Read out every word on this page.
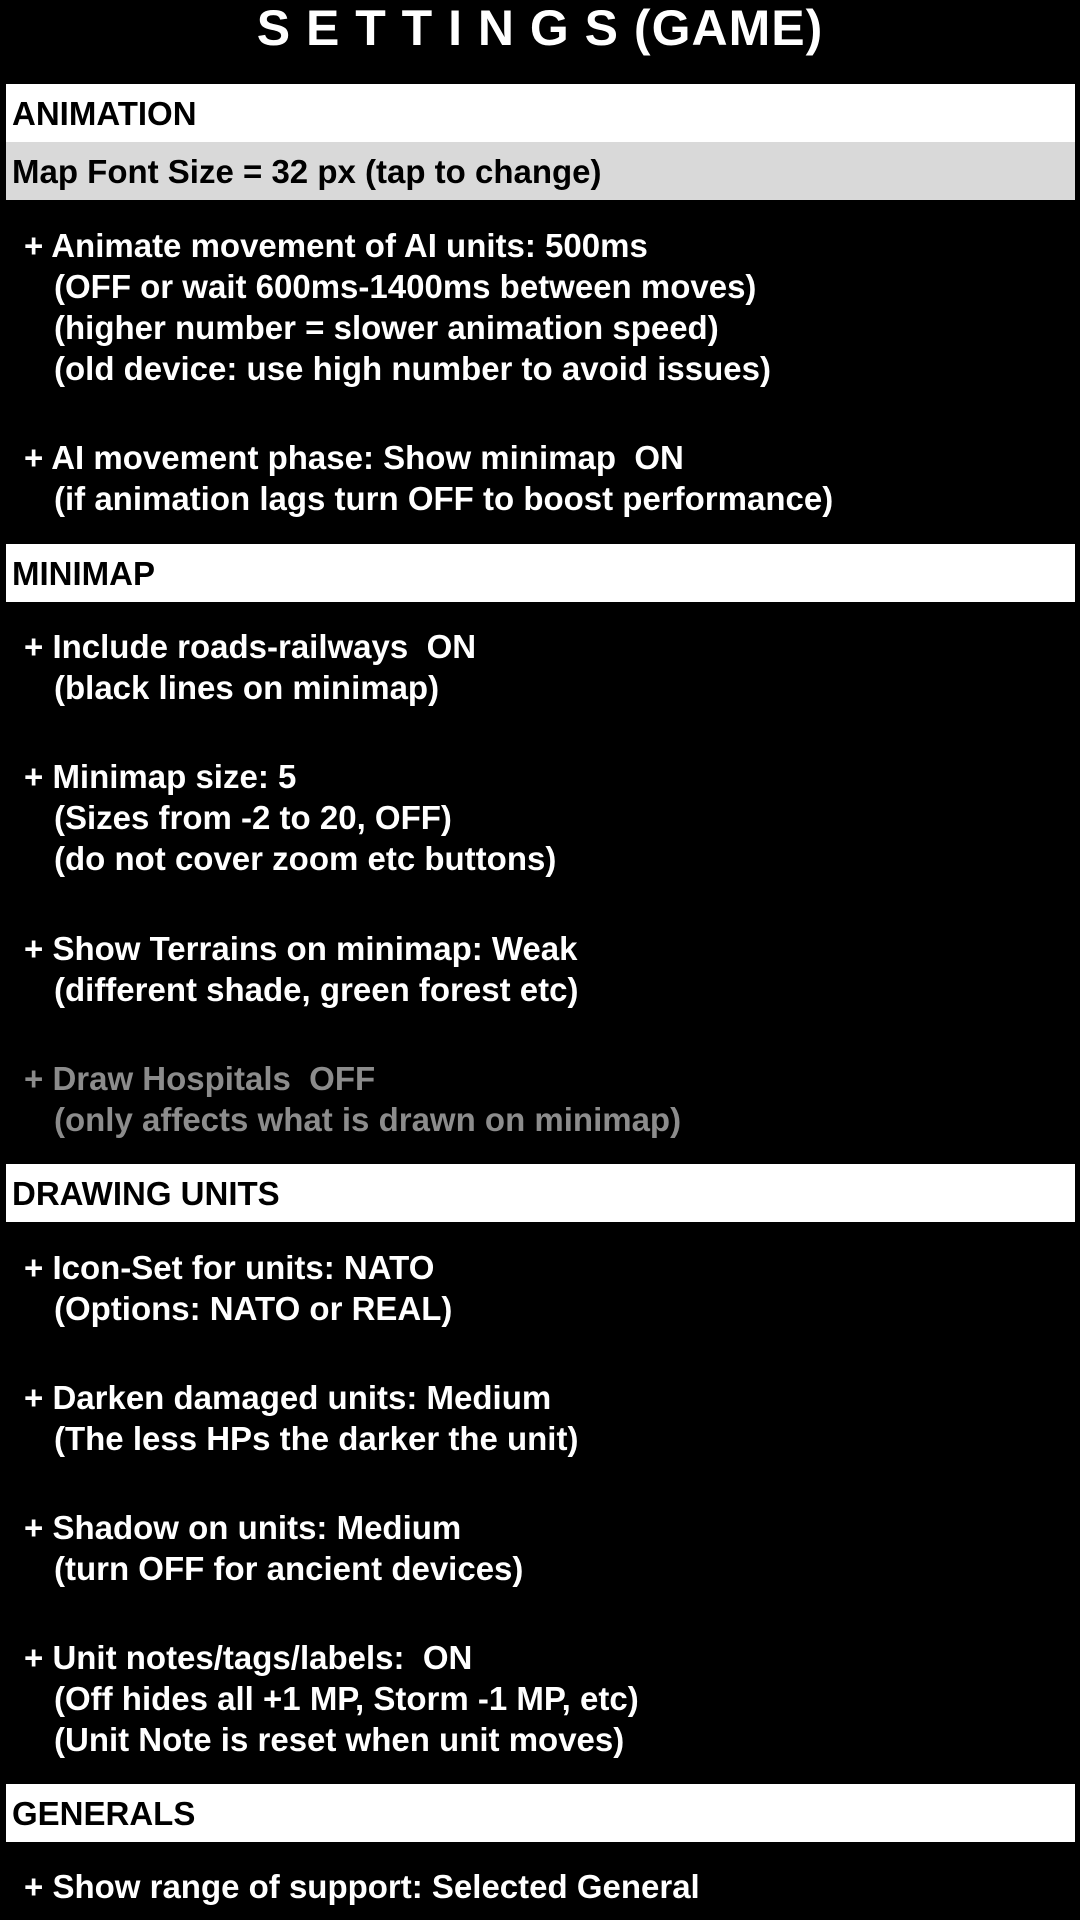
S E T T I N G S (GAME)
ANIMATION
Map Font Size = 32 px (tap to change)
+ Animate movement of AI units: 500ms
(OFF or wait 600ms-1400ms between moves)
(higher number = slower animation speed)
(old device: use high number to avoid issues)
+ AI movement phase: Show minimap  ON
(if animation lags turn OFF to boost performance)
MINIMAP
+ Include roads-railways  ON
(black lines on minimap)
+ Minimap size: 5
(Sizes from -2 to 20, OFF)
(do not cover zoom etc buttons)
+ Show Terrains on minimap: Weak
(different shade, green forest etc)
+ Draw Hospitals  OFF
(only affects what is drawn on minimap)
DRAWING UNITS
+ Icon-Set for units: NATO
(Options: NATO or REAL)
+ Darken damaged units: Medium
(The less HPs the darker the unit)
+ Shadow on units: Medium
(turn OFF for ancient devices)
+ Unit notes/tags/labels:  ON
(Off hides all +1 MP, Storm -1 MP, etc)
(Unit Note is reset when unit moves)
GENERALS
+ Show range of support: Selected General
